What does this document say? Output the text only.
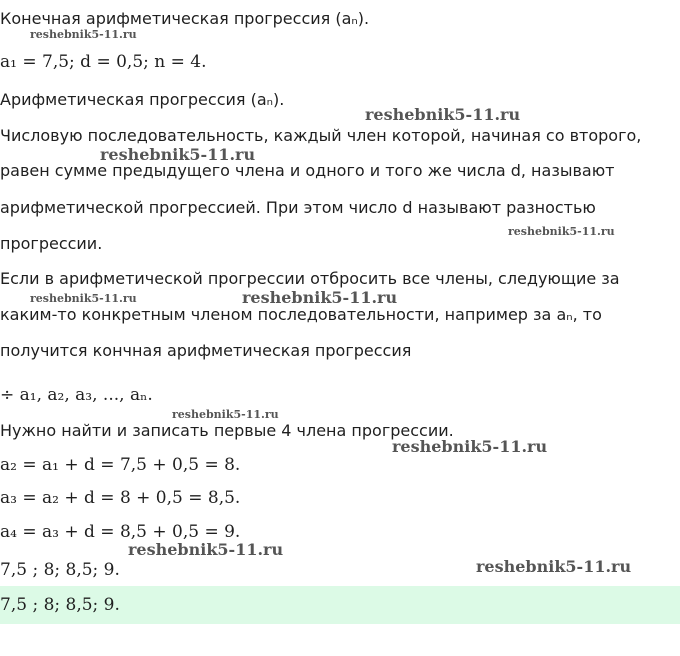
Конечная арифметическая прогрессия (aₙ).
reshebnik5-11.ru
a₁ = 7,5; d = 0,5; n = 4.
Арифметическая прогрессия (aₙ).
reshebnik5-11.ru
Числовую последовательность, каждый член которой, начиная со второго,
reshebnik5-11.ru
равен сумме предыдущего члена и одного и того же числа d, называют
арифметической прогрессией. При этом число d называют разностью
reshebnik5-11.ru
прогрессии.
Если в арифметической прогрессии отбросить все члены, следующие за
reshebnik5-11.ru	reshebnik5-11.ru
каким-то конкретным членом последовательности, например за aₙ, то
получится кончная арифметическая прогрессия
÷ a₁, a₂, a₃, ..., aₙ.
reshebnik5-11.ru
Нужно найти и записать первые 4 члена прогрессии.
reshebnik5-11.ru
a₂ = a₁ + d = 7,5 + 0,5 = 8.
a₃ = a₂ + d = 8 + 0,5 = 8,5.
a₄ = a₃ + d = 8,5 + 0,5 = 9.
reshebnik5-11.ru
7,5 ; 8; 8,5; 9.	reshebnik5-11.ru
7,5 ; 8; 8,5; 9.
